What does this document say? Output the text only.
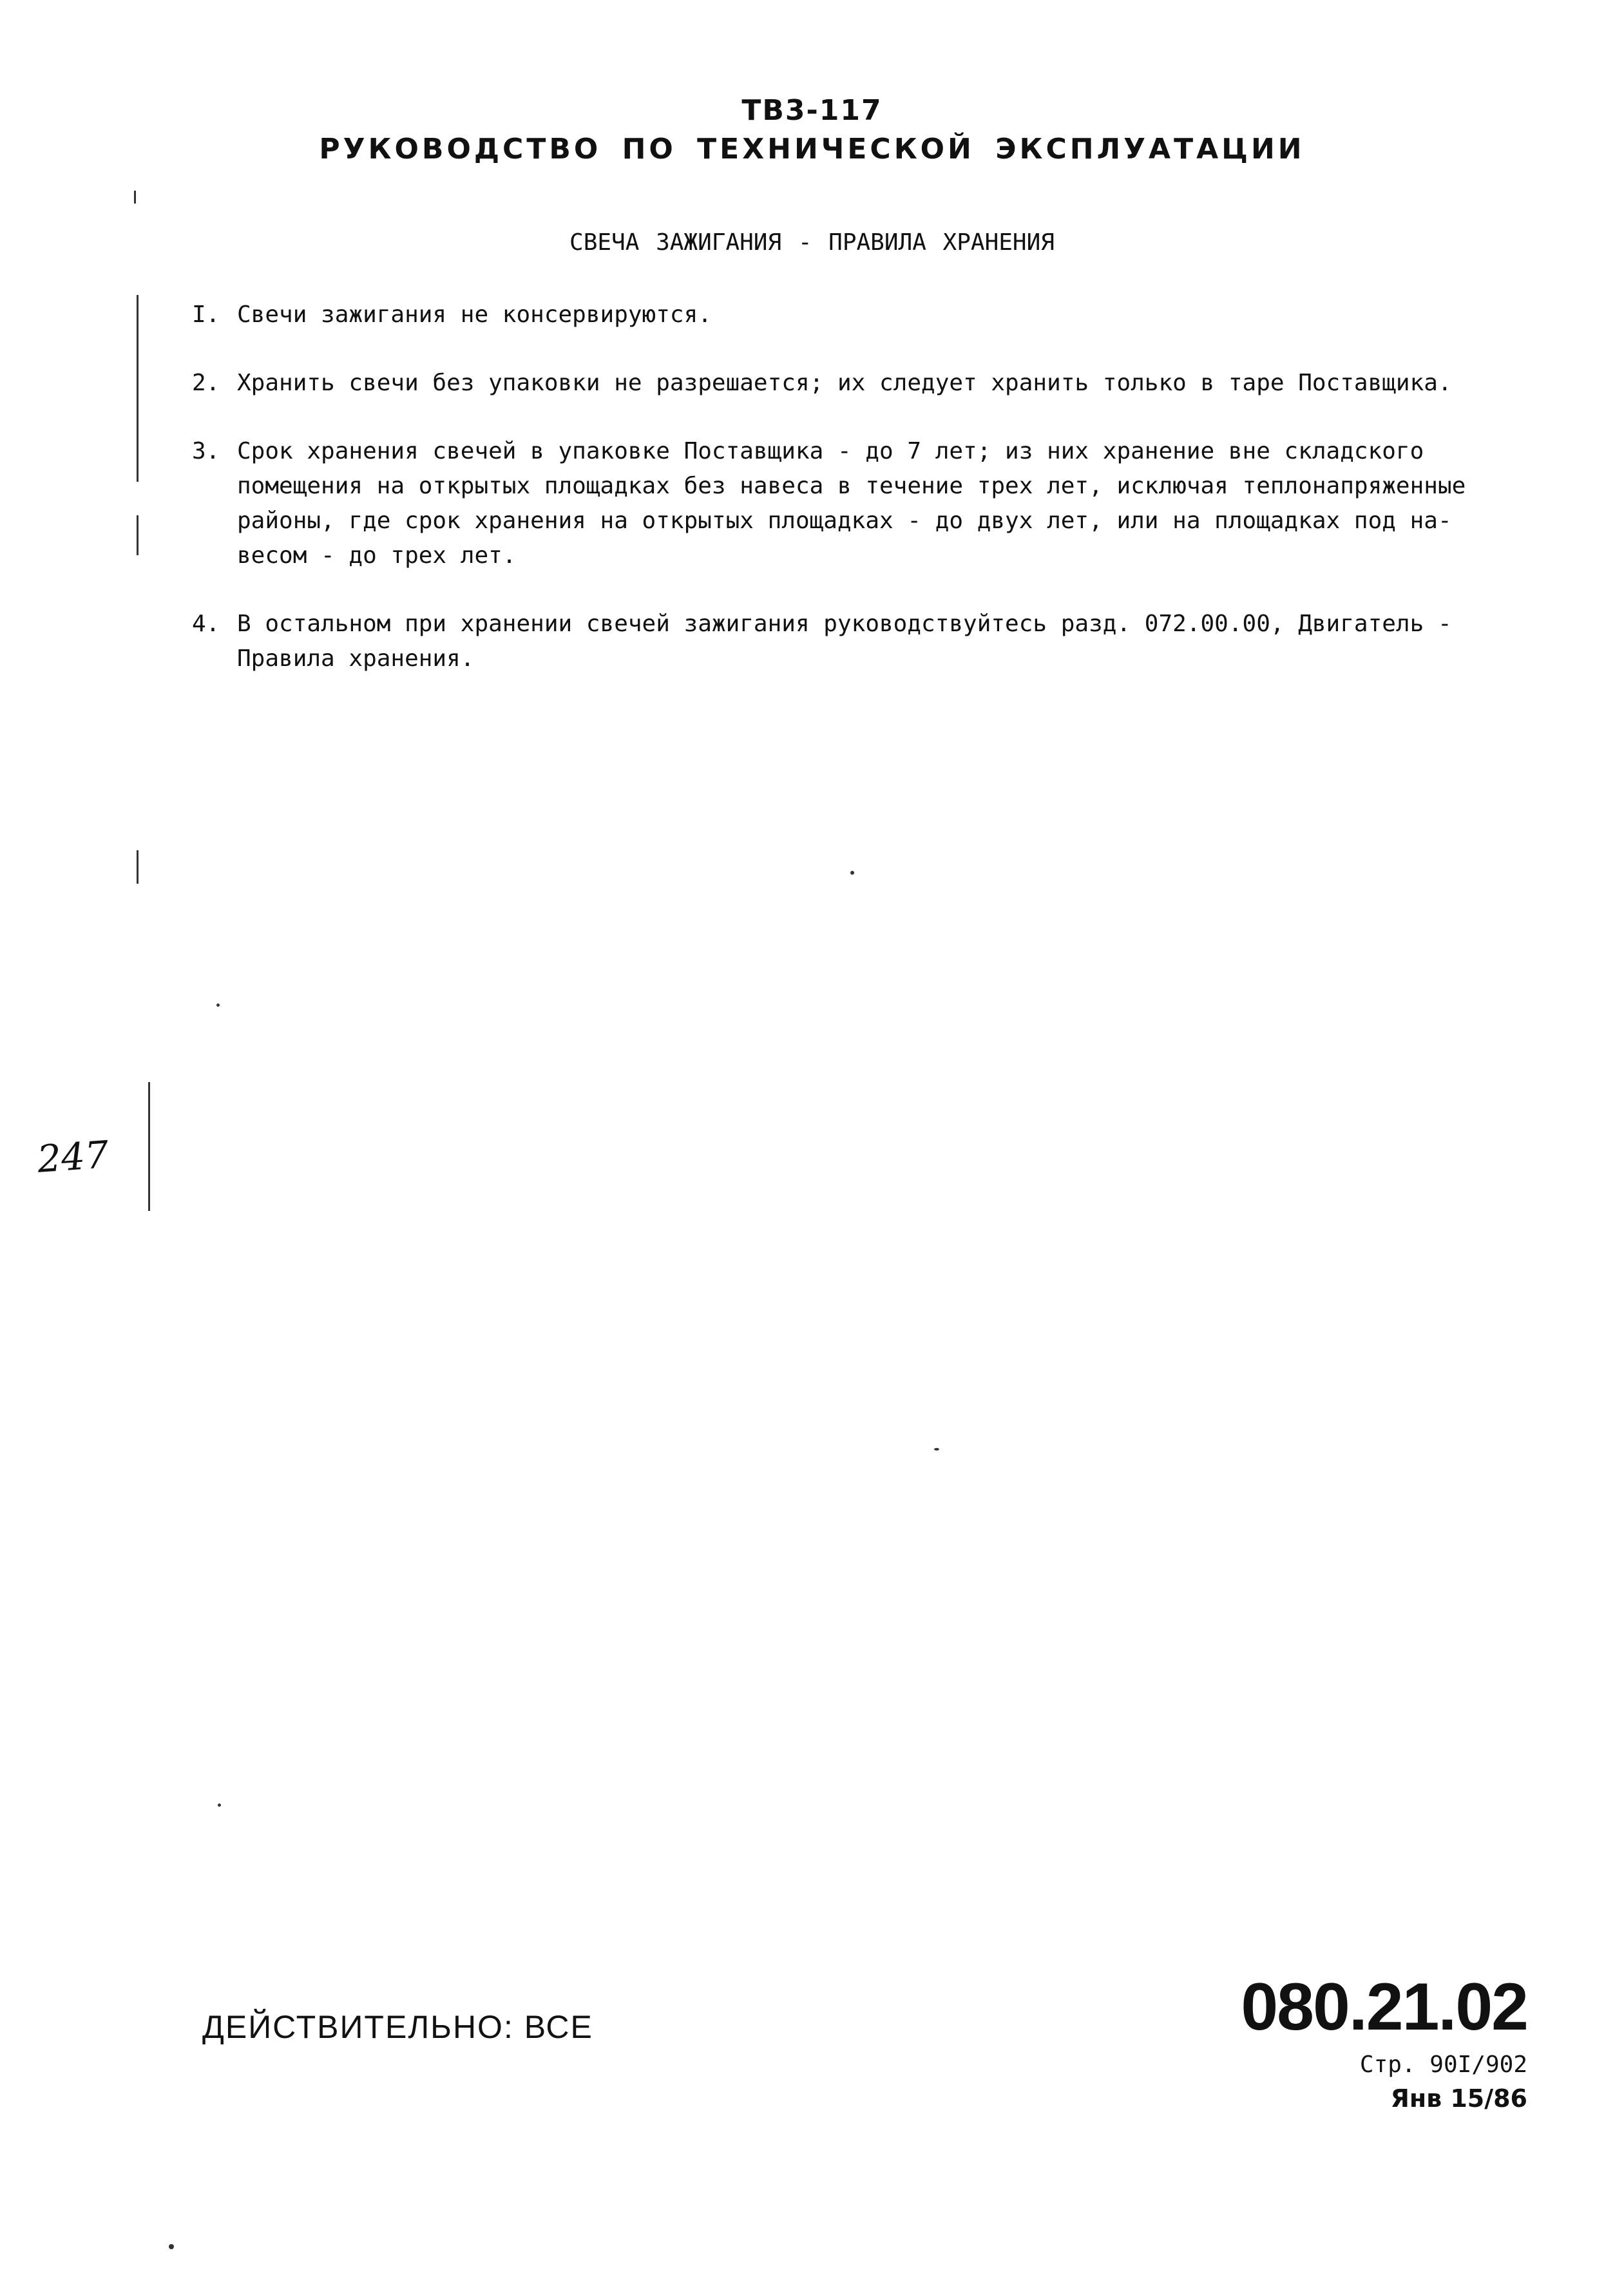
ТВ3-117
РУКОВОДСТВО ПО ТЕХНИЧЕСКОЙ ЭКСПЛУАТАЦИИ
СВЕЧА ЗАЖИГАНИЯ - ПРАВИЛА ХРАНЕНИЯ
I. Свечи зажигания не консервируются.
2. Хранить свечи без упаковки не разрешается; их следует хранить только в таре Поставщика.
3. Срок хранения свечей в упаковке Поставщика - до 7 лет; из них хранение вне складского помещения на открытых площадках без навеса в течение трех лет, исключая теплонапряженные районы, где срок хранения на открытых площадках - до двух лет, или на площадках под на- весом - до трех лет.
4. В остальном при хранении свечей зажигания руководствуйтесь разд. 072.00.00, Двигатель - Правила хранения.
247
ДЕЙСТВИТЕЛЬНО: ВСЕ	080.21.02
Стр. 90I/902
Янв 15/86
